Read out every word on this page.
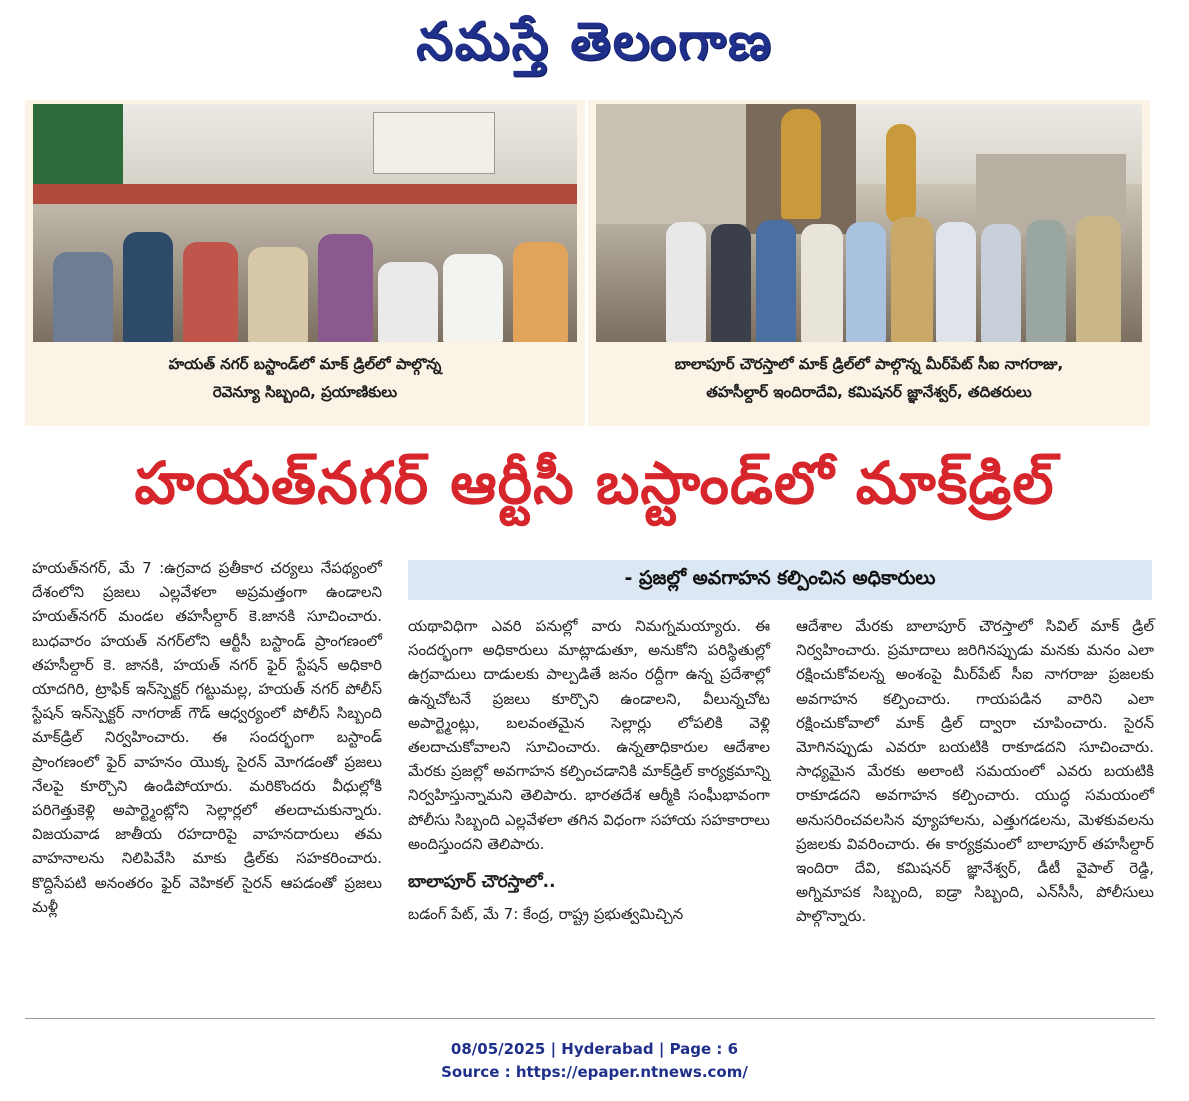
నమస్తే తెలంగాణ
హయత్ నగర్ బస్టాండ్‌లో మాక్ డ్రిల్‌లో పాల్గొన్న
రెవెన్యూ సిబ్బంది, ప్రయాణికులు
బాలాపూర్ చౌరస్తాలో మాక్ డ్రిల్‌లో పాల్గొన్న మీర్‌పేట్ సీఐ నాగరాజు,
తహసీల్దార్ ఇందిరాదేవి, కమిషనర్ జ్ఞానేశ్వర్, తదితరులు
హయత్‌నగర్ ఆర్టీసీ బస్టాండ్‌లో మాక్‌డ్రిల్
- ప్రజల్లో అవగాహన కల్పించిన అధికారులు

హయత్‌నగర్, మే 7 :ఉగ్రవాద ప్రతీకార చర్యలు నేపథ్యంలో దేశంలోని ప్రజలు ఎల్లవేళలా అప్రమత్తంగా ఉండాలని హయత్‌నగర్ మండల తహసీల్దార్ కె.జానకి సూచించారు. బుధవారం హయత్ నగర్‌లోని ఆర్టీసీ బస్టాండ్ ప్రాంగణంలో తహసీల్దార్ కె. జానకి, హయత్ నగర్ ఫైర్ స్టేషన్ అధికారి యాదగిరి, ట్రాఫిక్ ఇన్‌స్పెక్టర్ గట్టుమల్ల, హయత్ నగర్ పోలీస్ స్టేషన్ ఇన్‌స్పెక్టర్ నాగరాజ్ గౌడ్ ఆధ్వర్యంలో పోలీస్ సిబ్బంది మాక్‌డ్రిల్ నిర్వహించారు. ఈ సందర్భంగా బస్టాండ్ ప్రాంగణంలో ఫైర్ వాహనం యొక్క సైరన్ మోగడంతో ప్రజలు నేలపై కూర్చొని ఉండిపోయారు. మరికొందరు వీధుల్లోకి పరిగెత్తుకెళ్లి అపార్ట్మెంట్లోని సెల్లార్లలో తలదాచుకున్నారు. విజయవాడ జాతీయ రహదారిపై వాహనదారులు తమ వాహనాలను నిలిపివేసి మాకు డ్రిల్‌కు సహకరించారు. కొద్దిసేపటి అనంతరం ఫైర్ వెహికల్ సైరన్ ఆపడంతో ప్రజలు మళ్లీ

యథావిధిగా ఎవరి పనుల్లో వారు నిమగ్నమయ్యారు. ఈ సందర్భంగా అధికారులు మాట్లాడుతూ, అనుకోని పరిస్థితుల్లో ఉగ్రవాదులు దాడులకు పాల్పడితే జనం రద్దీగా ఉన్న ప్రదేశాల్లో ఉన్నచోటనే ప్రజలు కూర్చొని ఉండాలని, వీలున్నచోట అపార్ట్మెంట్లు, బలవంతమైన సెల్లార్లు లోపలికి వెళ్లి తలదాచుకోవాలని సూచించారు. ఉన్నతాధికారుల ఆదేశాల మేరకు ప్రజల్లో అవగాహన కల్పించడానికి మాక్‌డ్రిల్ కార్యక్రమాన్ని నిర్వహిస్తున్నామని తెలిపారు. భారతదేశ ఆర్మీకి సంఘీభావంగా పోలీసు సిబ్బంది ఎల్లవేళలా తగిన విధంగా సహాయ సహకారాలు అందిస్తుందని తెలిపారు.

బాలాపూర్ చౌరస్తాలో..

బడంగ్ పేట్, మే 7: కేంద్ర, రాష్ట్ర ప్రభుత్వమిచ్చిన

ఆదేశాల మేరకు బాలాపూర్ చౌరస్తాలో సివిల్ మాక్ డ్రిల్ నిర్వహించారు. ప్రమాదాలు జరిగినప్పుడు మనకు మనం ఎలా రక్షించుకోవలన్న అంశంపై మీర్‌పేట్ సీఐ నాగరాజు ప్రజలకు అవగాహన కల్పించారు. గాయపడిన వారిని ఎలా రక్షించుకోవాలో మాక్ డ్రిల్ ద్వారా చూపించారు. సైరన్ మోగినప్పుడు ఎవరూ బయటికి రాకూడదని సూచించారు. సాధ్యమైన మేరకు అలాంటి సమయంలో ఎవరు బయటికి రాకూడదని అవగాహన కల్పించారు. యుద్ధ సమయంలో అనుసరించవలసిన వ్యూహాలను, ఎత్తుగడలను, మెళకువలను ప్రజలకు వివరించారు. ఈ కార్యక్రమంలో బాలాపూర్ తహసీల్దార్ ఇందిరా దేవి, కమిషనర్ జ్ఞానేశ్వర్, డీటీ వైపాల్ రెడ్డి, అగ్నిమాపక సిబ్బంది, ఐడ్రా సిబ్బంది, ఎన్‌సీసీ, పోలీసులు పాల్గొన్నారు.

08/05/2025 | Hyderabad | Page : 6
Source : https://epaper.ntnews.com/
